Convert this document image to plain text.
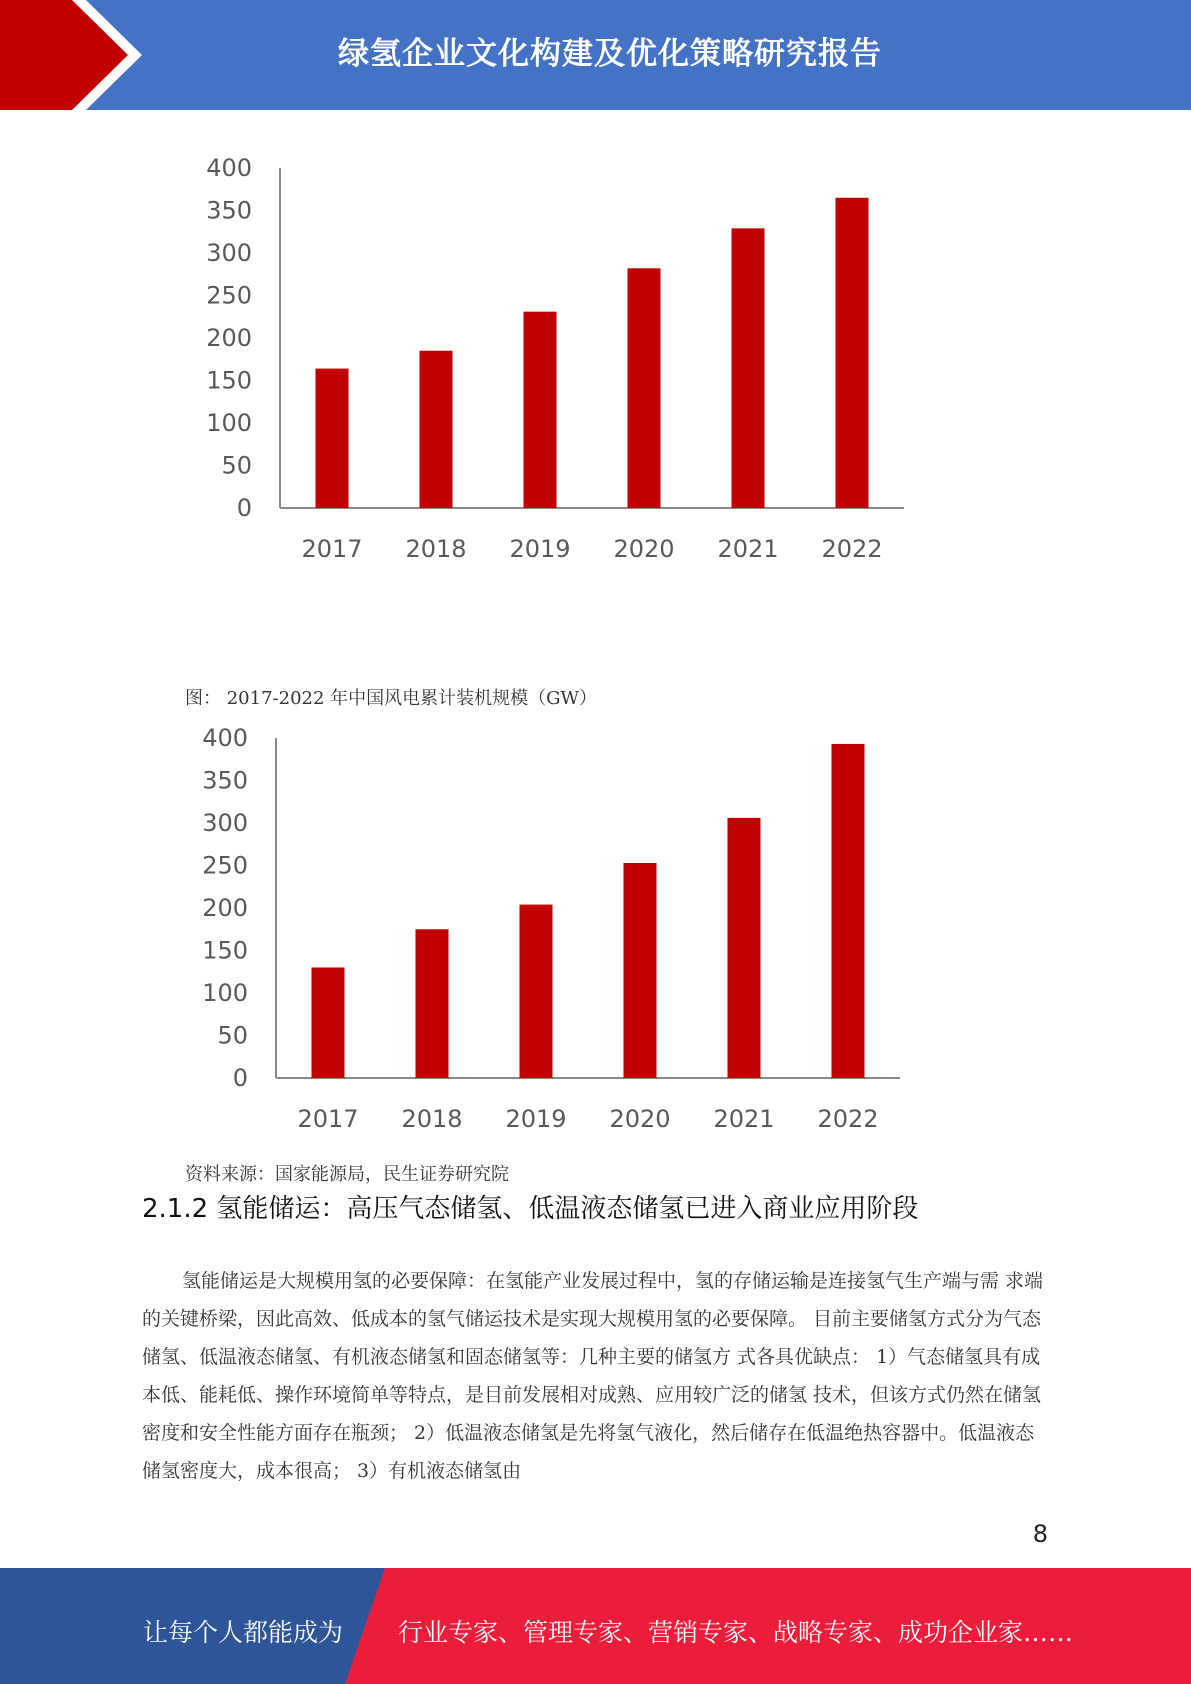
绿氢企业文化构建及优化策略研究报告
0
50
100
150
200
250
300
350
400
2017 2018 2019 2020 2021 2022
图： 2017-2022 年中国风电累计装机规模（GW）
0
50
100
150
200
250
300
350
400
2017 2018 2019 2020 2021 2022
资料来源：国家能源局，民生证券研究院
2.1.2 氢能储运：高压气态储氢、低温液态储氢已进入商业应用阶段
氢能储运是大规模用氢的必要保障：在氢能产业发展过程中，氢的存储运输是连接氢气生产端与需 求端的关键桥梁，因此高效、低成本的氢气储运技术是实现大规模用氢的必要保障。 目前主要储氢方式分为气态储氢、低温液态储氢、有机液态储氢和固态储氢等：几种主要的储氢方 式各具优缺点： 1）气态储氢具有成本低、能耗低、操作环境简单等特点，是目前发展相对成熟、应用较广泛的储氢 技术，但该方式仍然在储氢密度和安全性能方面存在瓶颈； 2）低温液态储氢是先将氢气液化，然后储存在低温绝热容器中。低温液态储氢密度大，成本很高； 3）有机液态储氢由
8
让每个人都能成为 行业专家、管理专家、营销专家、战略专家、成功企业家……
